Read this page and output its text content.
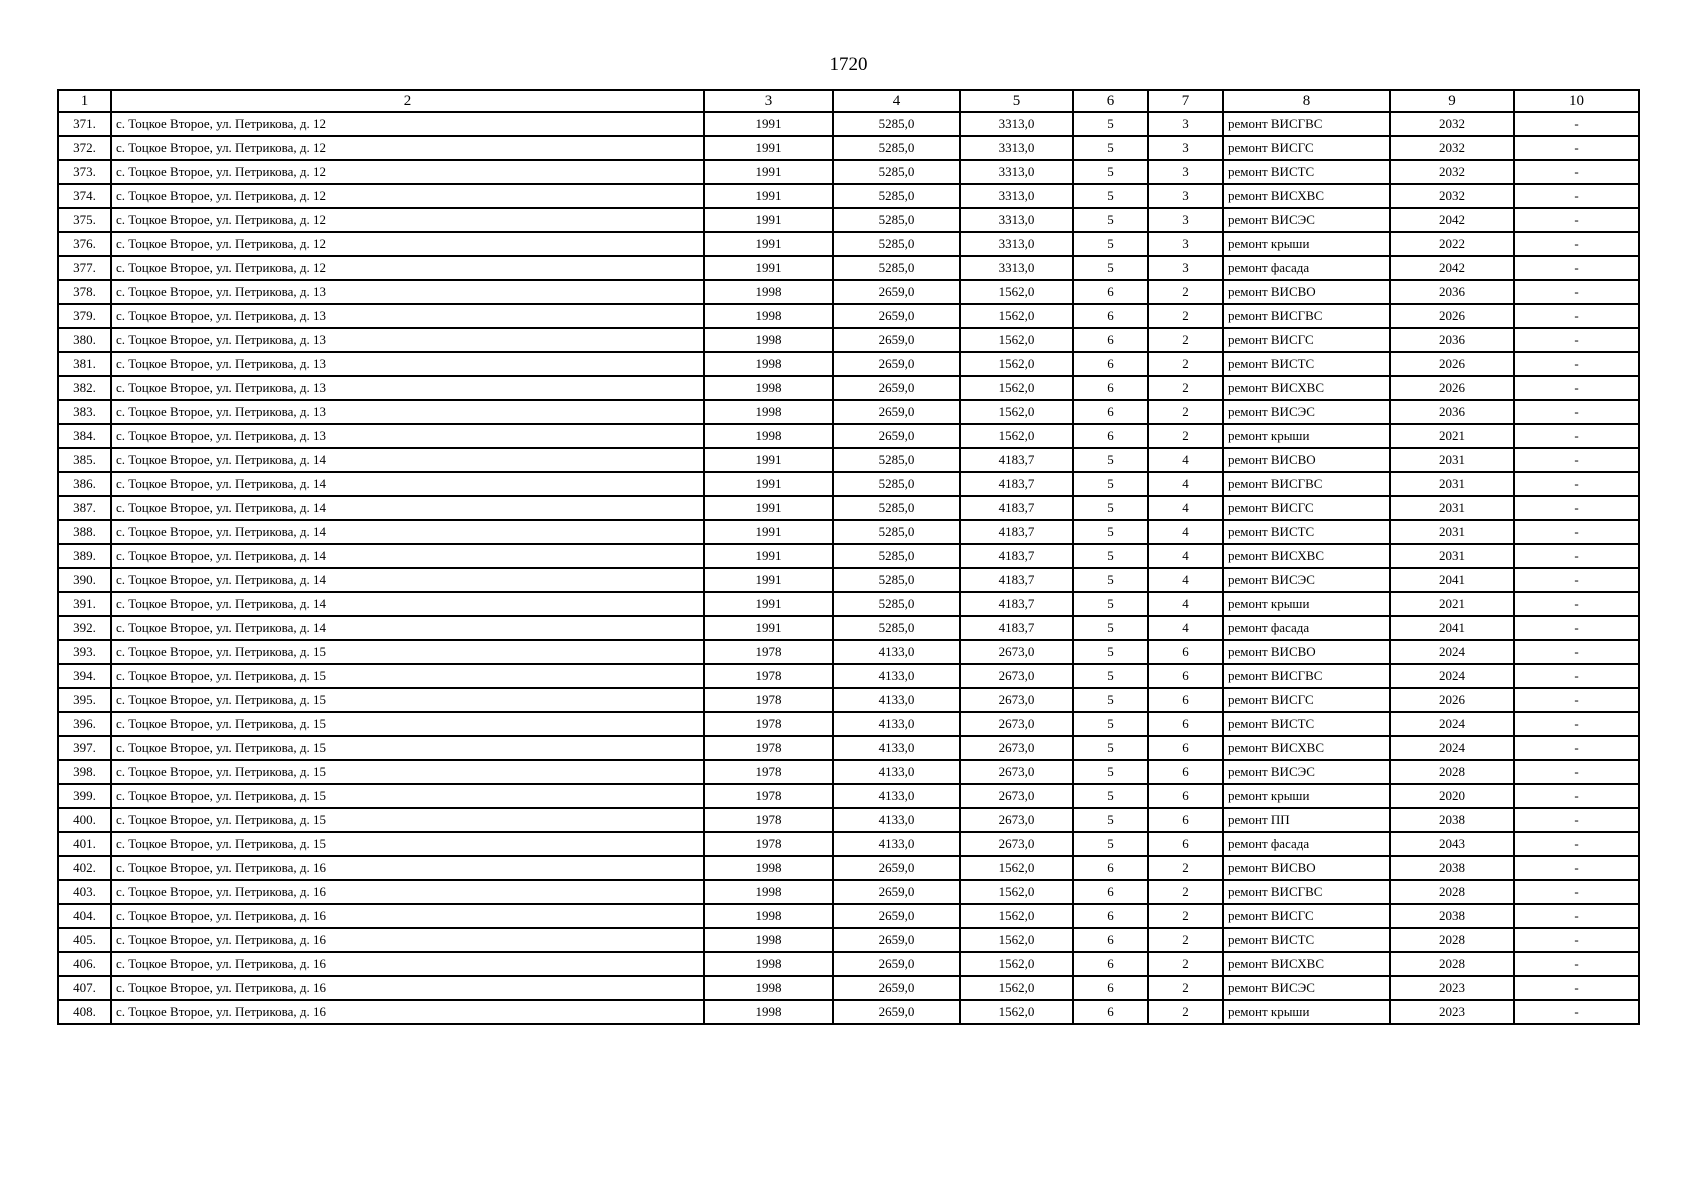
1720
1	2	3	4	5	6	7	8	9	10
371.	с. Тоцкое Второе, ул. Петрикова, д. 12	1991	5285,0	3313,0	5	3	ремонт ВИСГВС	2032	-
372.	с. Тоцкое Второе, ул. Петрикова, д. 12	1991	5285,0	3313,0	5	3	ремонт ВИСГС	2032	-
373.	с. Тоцкое Второе, ул. Петрикова, д. 12	1991	5285,0	3313,0	5	3	ремонт ВИСТС	2032	-
374.	с. Тоцкое Второе, ул. Петрикова, д. 12	1991	5285,0	3313,0	5	3	ремонт ВИСХВС	2032	-
375.	с. Тоцкое Второе, ул. Петрикова, д. 12	1991	5285,0	3313,0	5	3	ремонт ВИСЭС	2042	-
376.	с. Тоцкое Второе, ул. Петрикова, д. 12	1991	5285,0	3313,0	5	3	ремонт крыши	2022	-
377.	с. Тоцкое Второе, ул. Петрикова, д. 12	1991	5285,0	3313,0	5	3	ремонт фасада	2042	-
378.	с. Тоцкое Второе, ул. Петрикова, д. 13	1998	2659,0	1562,0	6	2	ремонт ВИСВО	2036	-
379.	с. Тоцкое Второе, ул. Петрикова, д. 13	1998	2659,0	1562,0	6	2	ремонт ВИСГВС	2026	-
380.	с. Тоцкое Второе, ул. Петрикова, д. 13	1998	2659,0	1562,0	6	2	ремонт ВИСГС	2036	-
381.	с. Тоцкое Второе, ул. Петрикова, д. 13	1998	2659,0	1562,0	6	2	ремонт ВИСТС	2026	-
382.	с. Тоцкое Второе, ул. Петрикова, д. 13	1998	2659,0	1562,0	6	2	ремонт ВИСХВС	2026	-
383.	с. Тоцкое Второе, ул. Петрикова, д. 13	1998	2659,0	1562,0	6	2	ремонт ВИСЭС	2036	-
384.	с. Тоцкое Второе, ул. Петрикова, д. 13	1998	2659,0	1562,0	6	2	ремонт крыши	2021	-
385.	с. Тоцкое Второе, ул. Петрикова, д. 14	1991	5285,0	4183,7	5	4	ремонт ВИСВО	2031	-
386.	с. Тоцкое Второе, ул. Петрикова, д. 14	1991	5285,0	4183,7	5	4	ремонт ВИСГВС	2031	-
387.	с. Тоцкое Второе, ул. Петрикова, д. 14	1991	5285,0	4183,7	5	4	ремонт ВИСГС	2031	-
388.	с. Тоцкое Второе, ул. Петрикова, д. 14	1991	5285,0	4183,7	5	4	ремонт ВИСТС	2031	-
389.	с. Тоцкое Второе, ул. Петрикова, д. 14	1991	5285,0	4183,7	5	4	ремонт ВИСХВС	2031	-
390.	с. Тоцкое Второе, ул. Петрикова, д. 14	1991	5285,0	4183,7	5	4	ремонт ВИСЭС	2041	-
391.	с. Тоцкое Второе, ул. Петрикова, д. 14	1991	5285,0	4183,7	5	4	ремонт крыши	2021	-
392.	с. Тоцкое Второе, ул. Петрикова, д. 14	1991	5285,0	4183,7	5	4	ремонт фасада	2041	-
393.	с. Тоцкое Второе, ул. Петрикова, д. 15	1978	4133,0	2673,0	5	6	ремонт ВИСВО	2024	-
394.	с. Тоцкое Второе, ул. Петрикова, д. 15	1978	4133,0	2673,0	5	6	ремонт ВИСГВС	2024	-
395.	с. Тоцкое Второе, ул. Петрикова, д. 15	1978	4133,0	2673,0	5	6	ремонт ВИСГС	2026	-
396.	с. Тоцкое Второе, ул. Петрикова, д. 15	1978	4133,0	2673,0	5	6	ремонт ВИСТС	2024	-
397.	с. Тоцкое Второе, ул. Петрикова, д. 15	1978	4133,0	2673,0	5	6	ремонт ВИСХВС	2024	-
398.	с. Тоцкое Второе, ул. Петрикова, д. 15	1978	4133,0	2673,0	5	6	ремонт ВИСЭС	2028	-
399.	с. Тоцкое Второе, ул. Петрикова, д. 15	1978	4133,0	2673,0	5	6	ремонт крыши	2020	-
400.	с. Тоцкое Второе, ул. Петрикова, д. 15	1978	4133,0	2673,0	5	6	ремонт ПП	2038	-
401.	с. Тоцкое Второе, ул. Петрикова, д. 15	1978	4133,0	2673,0	5	6	ремонт фасада	2043	-
402.	с. Тоцкое Второе, ул. Петрикова, д. 16	1998	2659,0	1562,0	6	2	ремонт ВИСВО	2038	-
403.	с. Тоцкое Второе, ул. Петрикова, д. 16	1998	2659,0	1562,0	6	2	ремонт ВИСГВС	2028	-
404.	с. Тоцкое Второе, ул. Петрикова, д. 16	1998	2659,0	1562,0	6	2	ремонт ВИСГС	2038	-
405.	с. Тоцкое Второе, ул. Петрикова, д. 16	1998	2659,0	1562,0	6	2	ремонт ВИСТС	2028	-
406.	с. Тоцкое Второе, ул. Петрикова, д. 16	1998	2659,0	1562,0	6	2	ремонт ВИСХВС	2028	-
407.	с. Тоцкое Второе, ул. Петрикова, д. 16	1998	2659,0	1562,0	6	2	ремонт ВИСЭС	2023	-
408.	с. Тоцкое Второе, ул. Петрикова, д. 16	1998	2659,0	1562,0	6	2	ремонт крыши	2023	-
